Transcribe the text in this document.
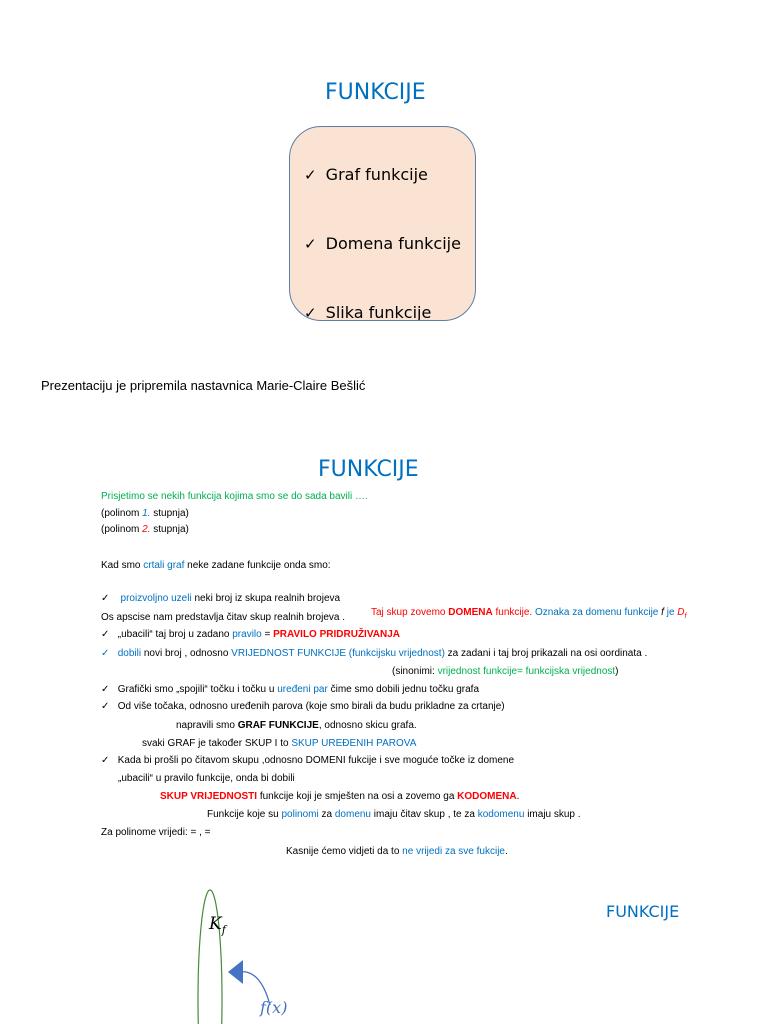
FUNKCIJE
✓ Graf funkcije
✓ Domena funkcije
✓ Slika funkcije
Prezentaciju je pripremila nastavnica Marie-Claire Bešlić
FUNKCIJE
Prisjetimo se nekih funkcija kojima smo se do sada bavili ….
(polinom 1. stupnja)
(polinom 2. stupnja)
Kad smo crtali graf neke zadane funkcije onda smo:
✓ proizvoljno uzeli neki broj iz skupa realnih brojeva
Taj skup zovemo DOMENA funkcije. Oznaka za domenu funkcije f je $D_f$
Os apscise nam predstavlja čitav skup realnih brojeva .
✓ „ubacili“ taj broj u zadano pravilo = PRAVILO PRIDRUŽIVANJA
✓ dobili novi broj , odnosno VRIJEDNOST FUNKCIJE (funkcijsku vrijednost) za zadani i taj broj prikazali na osi oordinata .
(sinonimi: vrijednost funkcije= funkcijska vrijednost)
✓ Grafički smo „spojili“ točku i točku u uređeni par čime smo dobili jednu točku grafa
✓ Od više točaka, odnosno uređenih parova (koje smo birali da budu prikladne za crtanje)
napravili smo GRAF FUNKCIJE, odnosno skicu grafa.
svaki GRAF je također SKUP I to SKUP UREĐENIH PAROVA
✓ Kada bi prošli po čitavom skupu ,odnosno DOMENI fukcije i sve moguće točke iz domene
„ubacili“ u pravilo funkcije, onda bi dobili
SKUP VRIJEDNOSTI funkcije koji je smješten na osi a zovemo ga KODOMENA.
Funkcije koje su polinomi za domenu imaju čitav skup , te za kodomenu imaju skup .
Za polinome vrijedi: = , =
Kasnije ćemo vidjeti da to ne vrijedi za sve fukcije.
FUNKCIJE
$K_f$
f(x)
